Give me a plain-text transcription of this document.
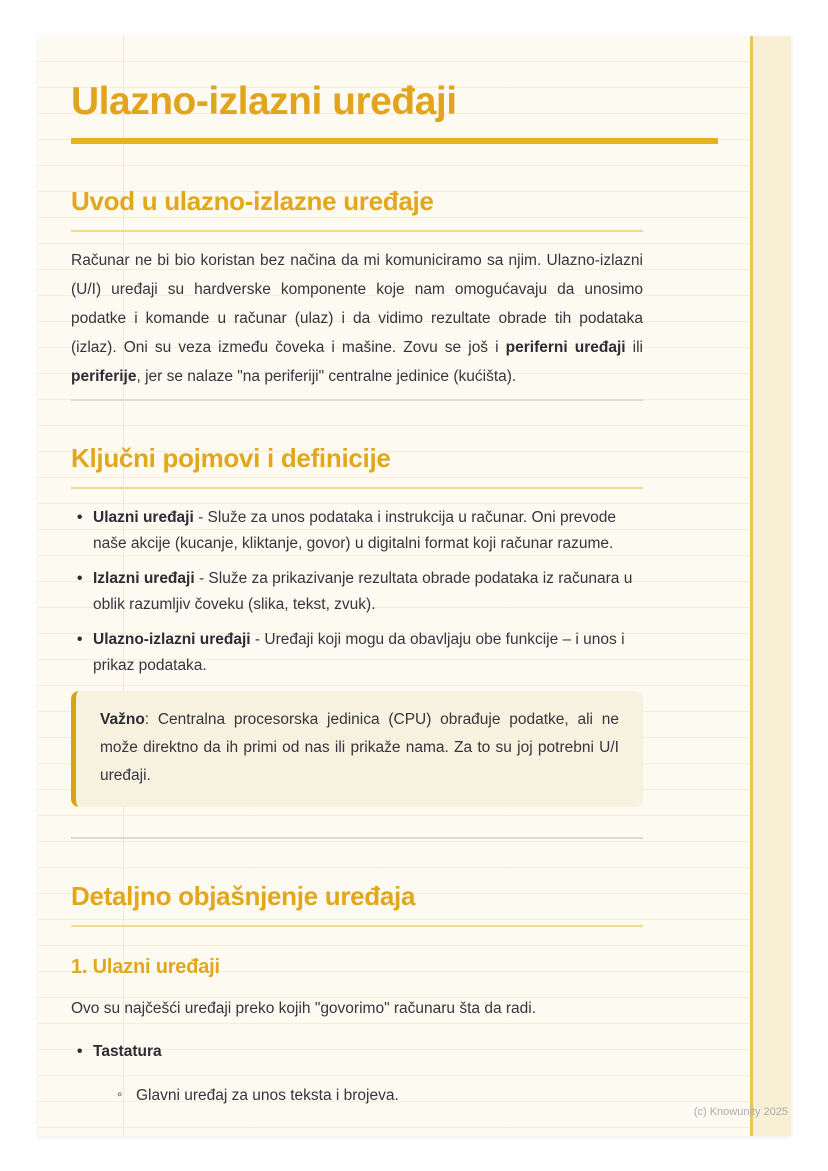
Ulazno-izlazni uređaji
Uvod u ulazno-izlazne uređaje

Računar ne bi bio koristan bez načina da mi komuniciramo sa njim. Ulazno-izlazni (U/I) uređaji su hardverske komponente koje nam omogućavaju da unosimo podatke i komande u računar (ulaz) i da vidimo rezultate obrade tih podataka (izlaz). Oni su veza između čoveka i mašine. Zovu se još i periferni uređaji ili periferije, jer se nalaze "na periferiji" centralne jedinice (kućišta).

Ključni pojmovi i definicije
• Ulazni uređaji - Služe za unos podataka i instrukcija u računar. Oni prevode naše akcije (kucanje, kliktanje, govor) u digitalni format koji računar razume.
• Izlazni uređaji - Služe za prikazivanje rezultata obrade podataka iz računara u oblik razumljiv čoveku (slika, tekst, zvuk).
• Ulazno-izlazni uređaji - Uređaji koji mogu da obavljaju obe funkcije – i unos i prikaz podataka.

Važno: Centralna procesorska jedinica (CPU) obrađuje podatke, ali ne može direktno da ih primi od nas ili prikaže nama. Za to su joj potrebni U/I uređaji.

Detaljno objašnjenje uređaja
1. Ulazni uređaji

Ovo su najčešći uređaji preko kojih "govorimo" računaru šta da radi.

• Tastatura
◦ Glavni uređaj za unos teksta i brojeva.
(c) Knowunity 2025
